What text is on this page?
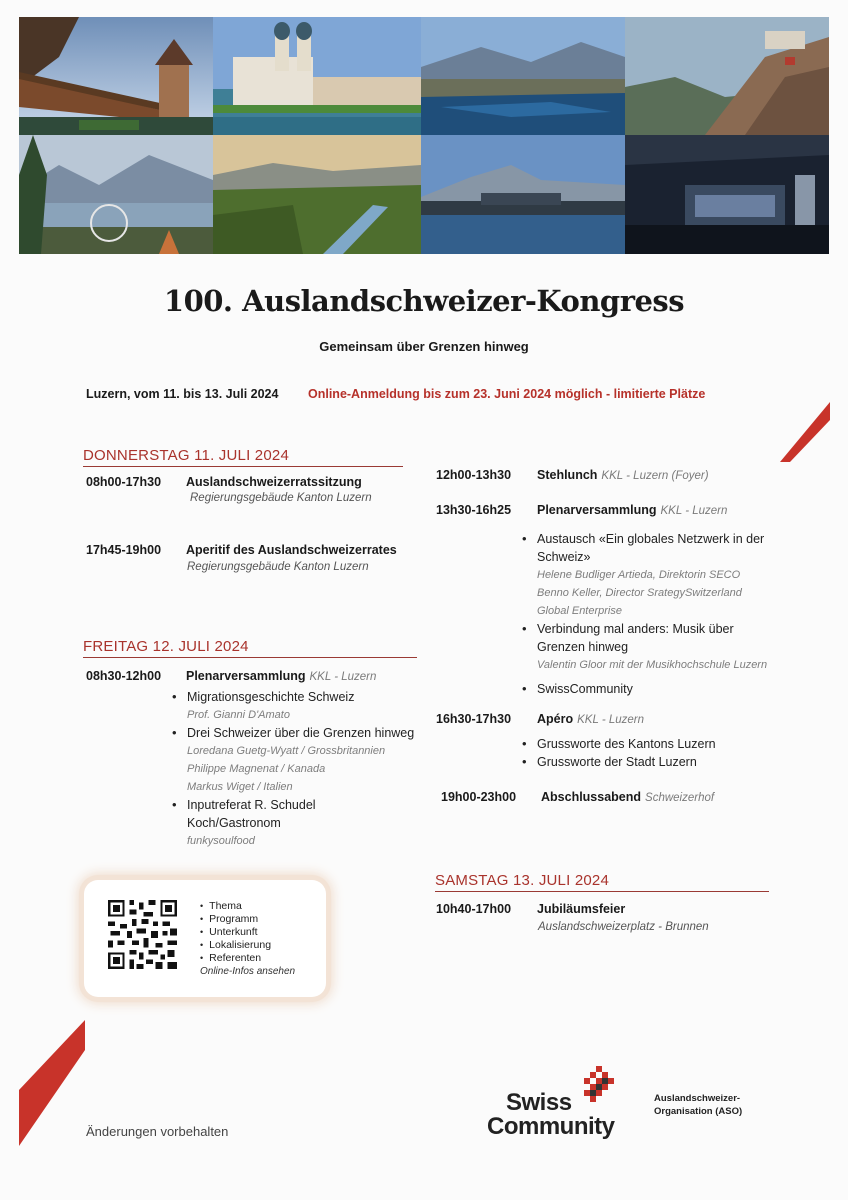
100. Auslandschweizer-Kongress
Gemeinsam über Grenzen hinweg
Luzern, vom 11. bis 13. Juli 2024 Online-Anmeldung bis zum 23. Juni 2024 möglich - limitierte Plätze
DONNERSTAG 11. JULI 2024
08h00-17h30 Auslandschweizerratssitzung
Regierungsgebäude Kanton Luzern
17h45-19h00 Aperitif des Auslandschweizerrates
Regierungsgebäude Kanton Luzern
FREITAG 12. JULI 2024
08h30-12h00 Plenarversammlung KKL - Luzern
• Migrationsgeschichte Schweiz
Prof. Gianni D'Amato
• Drei Schweizer über die Grenzen hinweg
Loredana Guetg-Wyatt / Grossbritannien
Philippe Magnenat / Kanada
Markus Wiget / Italien
• Inputreferat R. Schudel Koch/Gastronom
funkysoulfood
12h00-13h30 Stehlunch KKL - Luzern (Foyer)
13h30-16h25 Plenarversammlung KKL - Luzern
• Austausch «Ein globales Netzwerk in der Schweiz»
Helene Budliger Artieda, Direktorin SECO
Benno Keller, Director SrategySwitzerland
Global Enterprise
• Verbindung mal anders: Musik über Grenzen hinweg
Valentin Gloor mit der Musikhochschule Luzern
• SwissCommunity
16h30-17h30 Apéro KKL - Luzern
• Grussworte des Kantons Luzern
• Grussworte der Stadt Luzern
19h00-23h00 Abschlussabend Schweizerhof
SAMSTAG 13. JULI 2024
10h40-17h00 Jubiläumsfeier
Auslandschweizerplatz - Brunnen
• Thema
• Programm
• Unterkunft
• Lokalisierung
• Referenten
Online-Infos ansehen
Änderungen vorbehalten
Swiss
Community
Auslandschweizer-
Organisation (ASO)
